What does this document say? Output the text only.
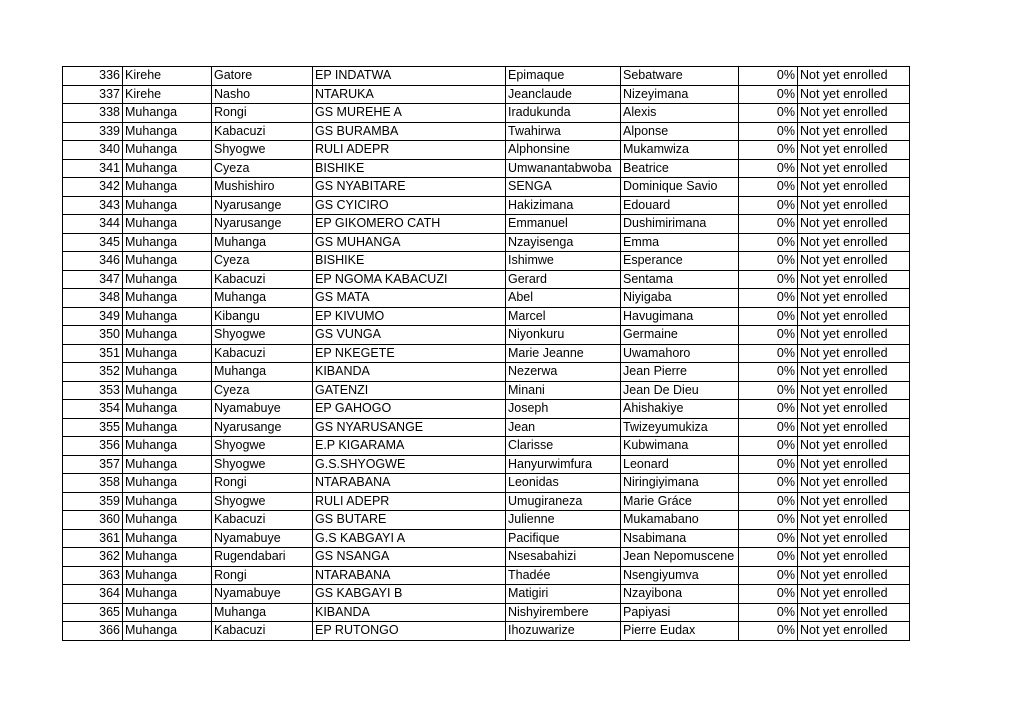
336	Kirehe	Gatore	EP INDATWA	Epimaque	Sebatware	0%	Not yet enrolled
337	Kirehe	Nasho	NTARUKA	Jeanclaude	Nizeyimana	0%	Not yet enrolled
338	Muhanga	Rongi	GS MUREHE A	Iradukunda	Alexis	0%	Not yet enrolled
339	Muhanga	Kabacuzi	GS BURAMBA	Twahirwa	Alponse	0%	Not yet enrolled
340	Muhanga	Shyogwe	RULI ADEPR	Alphonsine	Mukamwiza	0%	Not yet enrolled
341	Muhanga	Cyeza	BISHIKE	Umwanantabwoba	Beatrice	0%	Not yet enrolled
342	Muhanga	Mushishiro	GS NYABITARE	SENGA	Dominique Savio	0%	Not yet enrolled
343	Muhanga	Nyarusange	GS CYICIRO	Hakizimana	Edouard	0%	Not yet enrolled
344	Muhanga	Nyarusange	EP GIKOMERO CATH	Emmanuel	Dushimirimana	0%	Not yet enrolled
345	Muhanga	Muhanga	GS MUHANGA	Nzayisenga	Emma	0%	Not yet enrolled
346	Muhanga	Cyeza	BISHIKE	Ishimwe	Esperance	0%	Not yet enrolled
347	Muhanga	Kabacuzi	EP NGOMA KABACUZI	Gerard	Sentama	0%	Not yet enrolled
348	Muhanga	Muhanga	GS MATA	Abel	Niyigaba	0%	Not yet enrolled
349	Muhanga	Kibangu	EP KIVUMO	Marcel	Havugimana	0%	Not yet enrolled
350	Muhanga	Shyogwe	GS VUNGA	Niyonkuru	Germaine	0%	Not yet enrolled
351	Muhanga	Kabacuzi	EP NKEGETE	Marie Jeanne	Uwamahoro	0%	Not yet enrolled
352	Muhanga	Muhanga	KIBANDA	Nezerwa	Jean Pierre	0%	Not yet enrolled
353	Muhanga	Cyeza	GATENZI	Minani	Jean De Dieu	0%	Not yet enrolled
354	Muhanga	Nyamabuye	EP GAHOGO	Joseph	Ahishakiye	0%	Not yet enrolled
355	Muhanga	Nyarusange	GS NYARUSANGE	Jean	Twizeyumukiza	0%	Not yet enrolled
356	Muhanga	Shyogwe	E.P KIGARAMA	Clarisse	Kubwimana	0%	Not yet enrolled
357	Muhanga	Shyogwe	G.S.SHYOGWE	Hanyurwimfura	Leonard	0%	Not yet enrolled
358	Muhanga	Rongi	NTARABANA	Leonidas	Niringiyimana	0%	Not yet enrolled
359	Muhanga	Shyogwe	RULI ADEPR	Umugiraneza	Marie Gráce	0%	Not yet enrolled
360	Muhanga	Kabacuzi	GS BUTARE	Julienne	Mukamabano	0%	Not yet enrolled
361	Muhanga	Nyamabuye	G.S KABGAYI A	Pacifique	Nsabimana	0%	Not yet enrolled
362	Muhanga	Rugendabari	GS NSANGA	Nsesabahizi	Jean Nepomuscene	0%	Not yet enrolled
363	Muhanga	Rongi	NTARABANA	Thadée	Nsengiyumva	0%	Not yet enrolled
364	Muhanga	Nyamabuye	GS KABGAYI B	Matigiri	Nzayibona	0%	Not yet enrolled
365	Muhanga	Muhanga	KIBANDA	Nishyirembere	Papiyasi	0%	Not yet enrolled
366	Muhanga	Kabacuzi	EP RUTONGO	Ihozuwarize	Pierre Eudax	0%	Not yet enrolled
